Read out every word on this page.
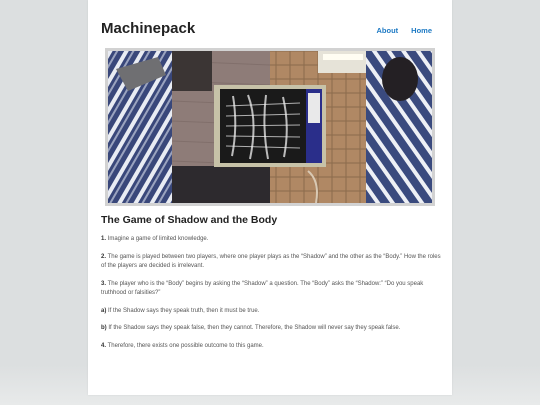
Machinepack	About Home
The Game of Shadow and the Body

1. Imagine a game of limited knowledge.

2. The game is played between two players, where one player plays as the “Shadow” and the other as the “Body.” How the roles of the players are decided is irrelevant.

3. The player who is the “Body” begins by asking the “Shadow” a question. The “Body” asks the “Shadow:” “Do you speak truthhood or falsities?”

a) If the Shadow says they speak truth, then it must be true.

b) If the Shadow says they speak false, then they cannot. Therefore, the Shadow will never say they speak false.

4. Therefore, there exists one possible outcome to this game.
